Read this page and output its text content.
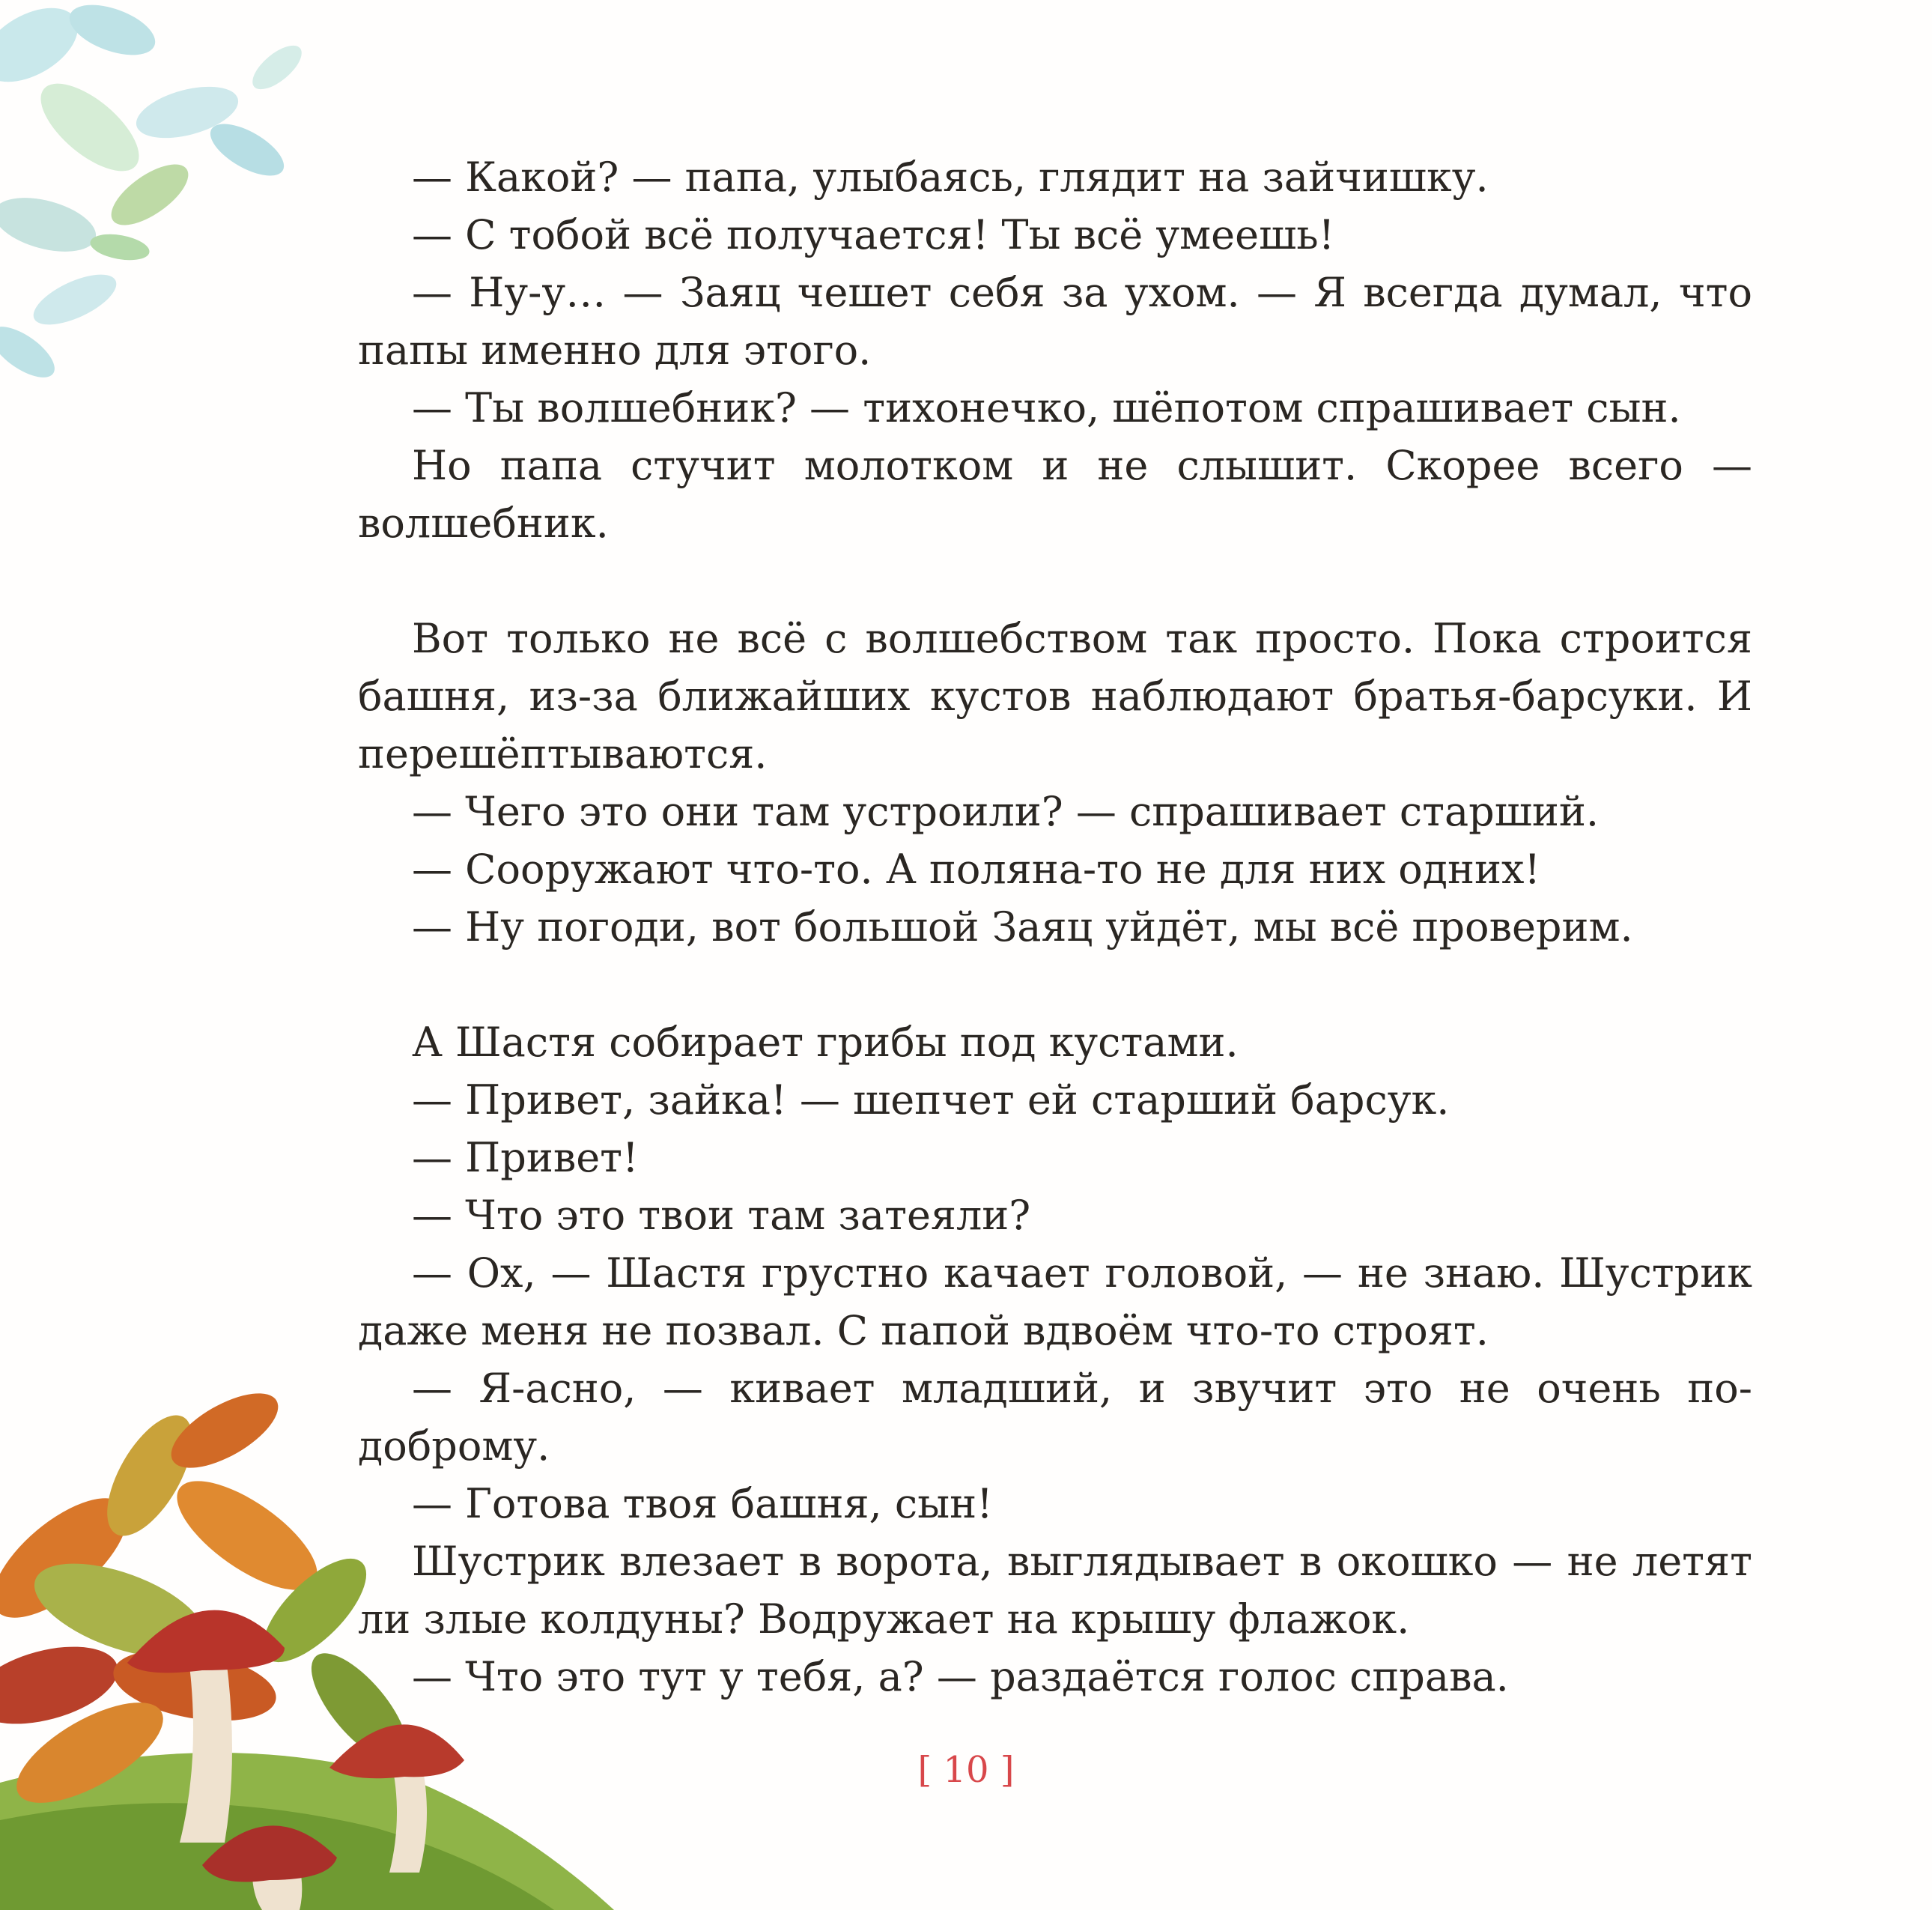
— Какой? — папа, улыбаясь, глядит на зайчишку.

— С тобой всё получается! Ты всё умеешь!

— Ну-у… — Заяц чешет себя за ухом. — Я всегда думал, что папы именно для этого.

— Ты волшебник? — тихонечко, шёпотом спрашивает сын.

Но папа стучит молотком и не слышит. Скорее всего — волшебник.

Вот только не всё с волшебством так просто. Пока строится башня, из-за ближайших кустов наблюдают братья-барсуки. И перешёптываются.

— Чего это они там устроили? — спрашивает старший.

— Сооружают что-то. А поляна-то не для них одних!

— Ну погоди, вот большой Заяц уйдёт, мы всё проверим.

А Шастя собирает грибы под кустами.

— Привет, зайка! — шепчет ей старший барсук.

— Привет!

— Что это твои там затеяли?

— Ох, — Шастя грустно качает головой, — не знаю. Шустрик даже меня не позвал. С папой вдвоём что-то строят.

— Я-асно, — кивает младший, и звучит это не очень по-доброму.

— Готова твоя башня, сын!

Шустрик влезает в ворота, выглядывает в окошко — не летят ли злые колдуны? Водружает на крышу флажок.

— Что это тут у тебя, а? — раздаётся голос справа.

[ 10 ]
